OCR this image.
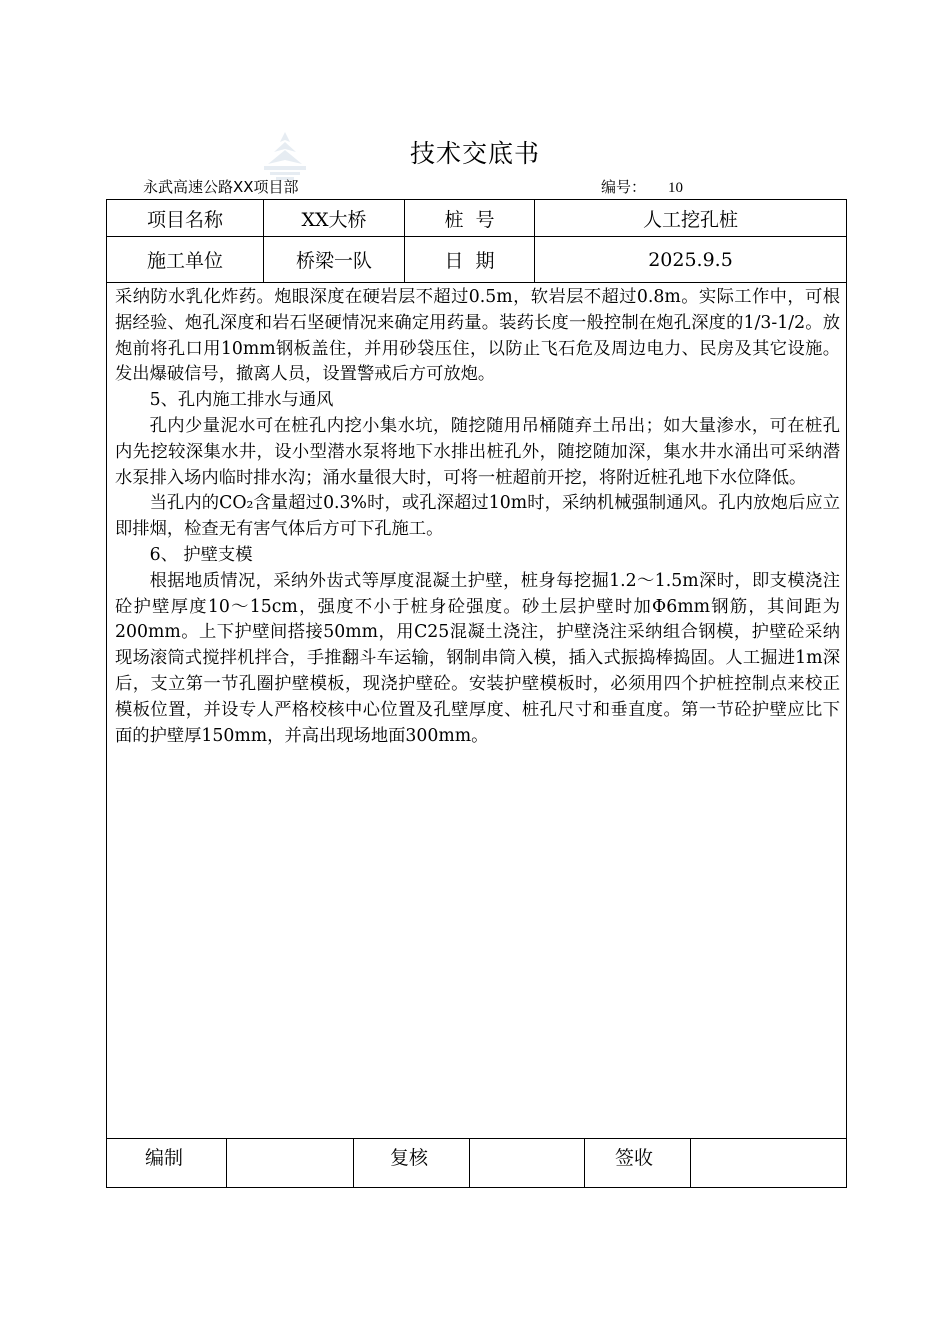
技术交底书
永武高速公路XX项目部	编号： 10
项目名称	XX大桥	桩  号	人工挖孔桩
施工单位	桥梁一队	日  期	2025.9.5

采纳防水乳化炸药。炮眼深度在硬岩层不超过0.5m，软岩层不超过0.8m。实际工作中，可根据经验、炮孔深度和岩石坚硬情况来确定用药量。装药长度一般控制在炮孔深度的1/3-1/2。放炮前将孔口用10mm钢板盖住，并用砂袋压住，以防止飞石危及周边电力、民房及其它设施。发出爆破信号，撤离人员，设置警戒后方可放炮。

5、孔内施工排水与通风

孔内少量泥水可在桩孔内挖小集水坑，随挖随用吊桶随弃土吊出；如大量渗水，可在桩孔内先挖较深集水井，设小型潜水泵将地下水排出桩孔外，随挖随加深，集水井水涌出可采纳潜水泵排入场内临时排水沟；涌水量很大时，可将一桩超前开挖，将附近桩孔地下水位降低。

当孔内的CO₂含量超过0.3%时，或孔深超过10m时，采纳机械强制通风。孔内放炮后应立即排烟，检查无有害气体后方可下孔施工。

6、 护壁支模

根据地质情况，采纳外齿式等厚度混凝土护壁，桩身每挖掘1.2～1.5m深时，即支模浇注砼护壁厚度10～15cm，强度不小于桩身砼强度。砂土层护壁时加Φ6mm钢筋，其间距为200mm。上下护壁间搭接50mm，用C25混凝土浇注，护壁浇注采纳组合钢模，护壁砼采纳现场滚筒式搅拌机拌合，手推翻斗车运输，钢制串筒入模，插入式振捣棒捣固。人工掘进1m深后，支立第一节孔圈护壁模板，现浇护壁砼。安装护壁模板时，必须用四个护桩控制点来校正模板位置，并设专人严格校核中心位置及孔壁厚度、桩孔尺寸和垂直度。第一节砼护壁应比下面的护壁厚150mm，并高出现场地面300mm。

编制	复核	签收
